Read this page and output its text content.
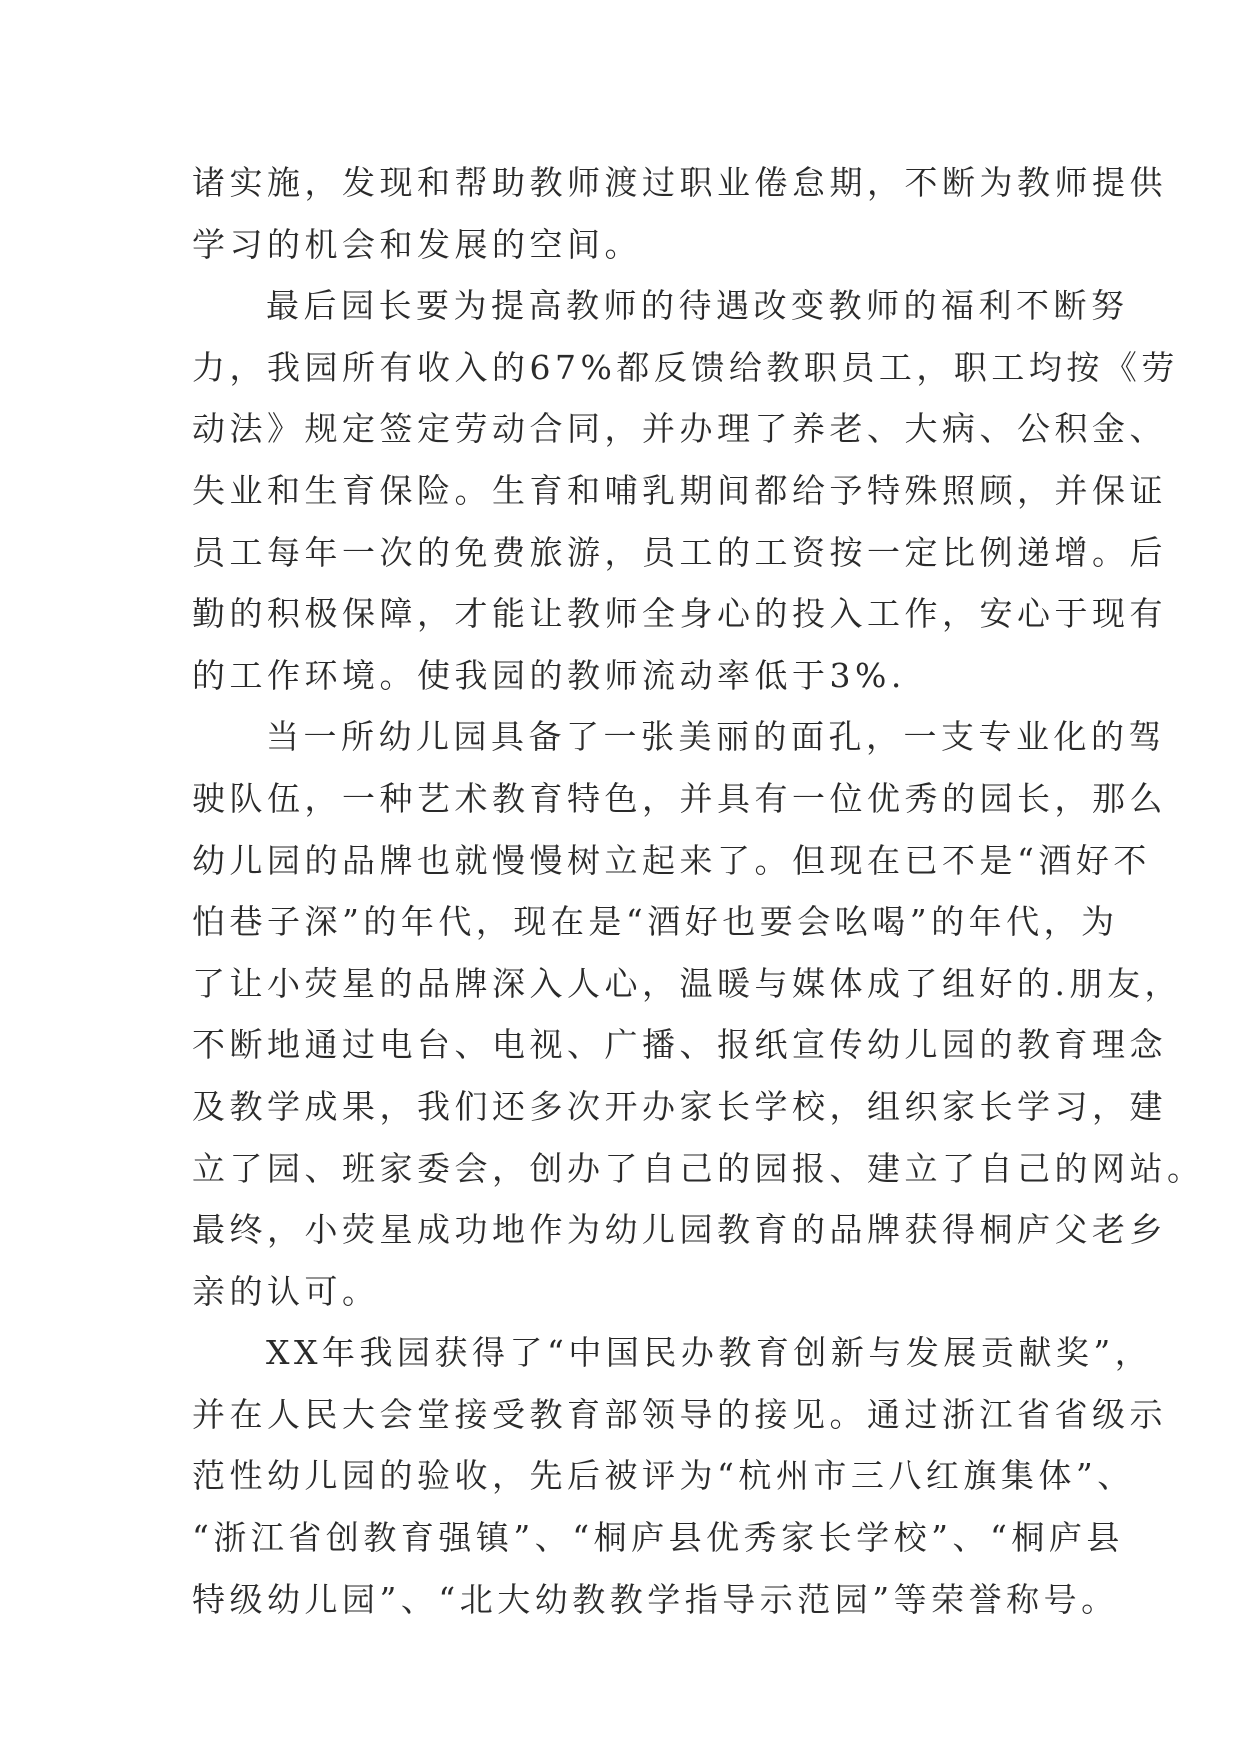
诸实施，发现和帮助教师渡过职业倦怠期，不断为教师提供
学习的机会和发展的空间。
最后园长要为提高教师的待遇改变教师的福利不断努
力，我园所有收入的67%都反馈给教职员工，职工均按《劳
动法》规定签定劳动合同，并办理了养老、大病、公积金、
失业和生育保险。生育和哺乳期间都给予特殊照顾，并保证
员工每年一次的免费旅游，员工的工资按一定比例递增。后
勤的积极保障，才能让教师全身心的投入工作，安心于现有
的工作环境。使我园的教师流动率低于3%.
当一所幼儿园具备了一张美丽的面孔，一支专业化的驾
驶队伍，一种艺术教育特色，并具有一位优秀的园长，那么
幼儿园的品牌也就慢慢树立起来了。但现在已不是“酒好不
怕巷子深”的年代，现在是“酒好也要会吆喝”的年代，为
了让小荧星的品牌深入人心，温暖与媒体成了组好的.朋友，
不断地通过电台、电视、广播、报纸宣传幼儿园的教育理念
及教学成果，我们还多次开办家长学校，组织家长学习，建
立了园、班家委会，创办了自己的园报、建立了自己的网站。
最终，小荧星成功地作为幼儿园教育的品牌获得桐庐父老乡
亲的认可。
XX年我园获得了“中国民办教育创新与发展贡献奖”，
并在人民大会堂接受教育部领导的接见。通过浙江省省级示
范性幼儿园的验收，先后被评为“杭州市三八红旗集体”、
“浙江省创教育强镇”、“桐庐县优秀家长学校”、“桐庐县
特级幼儿园”、“北大幼教教学指导示范园”等荣誉称号。
